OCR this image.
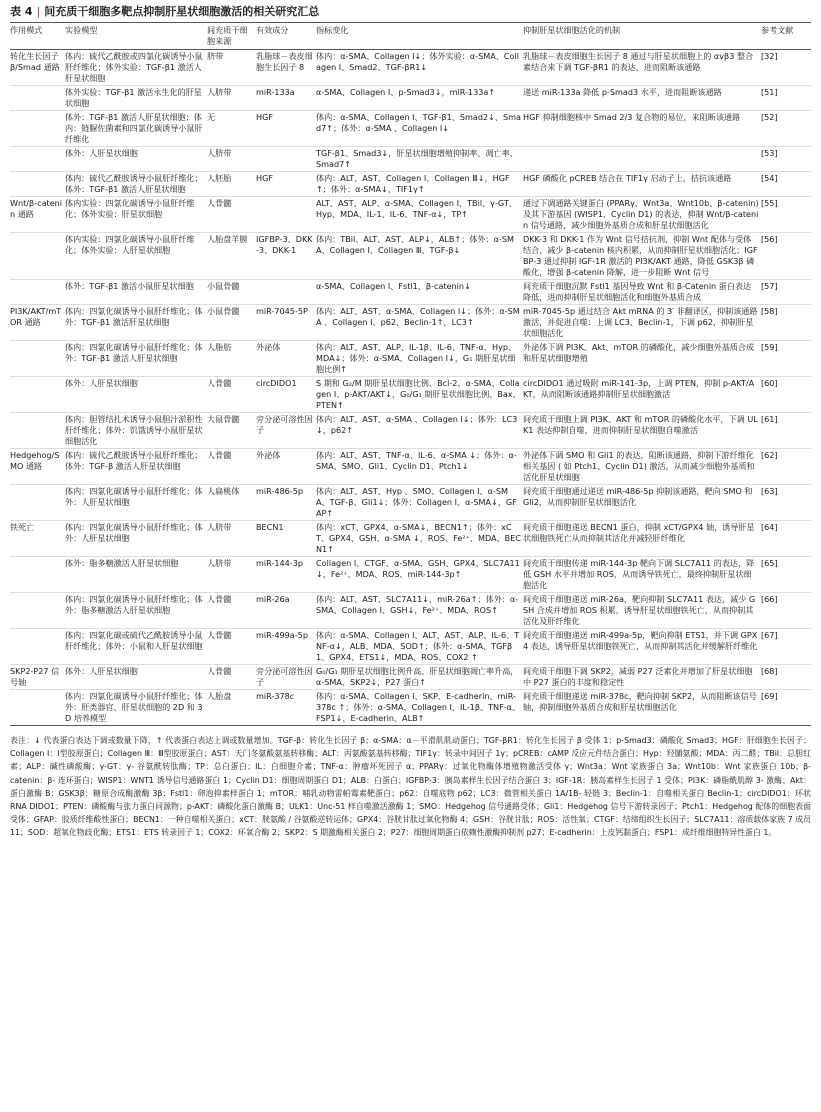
表 4 | 间充质干细胞多靶点抑制肝星状细胞激活的相关研究汇总
作用模式	实验模型	间充质干细胞来源	有效成分	指标变化	抑制肝星状细胞活化的机制	参考文献
转化生长因子β/Smad 通路	体内：硫代乙酰胺或四氯化碳诱导小鼠肝纤维化；体外实验：TGF-β1 激活人肝星状细胞	脐带	乳脂球－表皮细胞生长因子 8	体内：α-SMA、Collagen Ⅰ↓；体外实验：α-SMA、Collagen Ⅰ、Smad2、TGF-βR1↓	乳脂球－表皮细胞生长因子 8 通过与肝星状细胞上的 αvβ3 整合素结合来下调 TGF-βR1 的表达，进而阻断该通路	[32]
	体外实验：TGF-β1 激活永生化的肝星状细胞	人脐带	miR-133a	α-SMA、Collagen Ⅰ、p-Smad3↓，miR-133a↑	递送 miR-133a 降低 p-Smad3 水平，进而阻断该通路	[51]
	体外：TGF-β1 激活人肝星状细胞；体内：链脲佐菌素和四氯化碳诱导小鼠肝纤维化	无	HGF	体内：α-SMA、Collagen Ⅰ、TGF-β1、Smad2↓、Smad7↑；体外：α-SMA 、Collagen Ⅰ↓	HGF 抑制细胞核中 Smad 2/3 复合物的易位，来阻断该通路	[52]
	体外：人肝星状细胞	人脐带		TGF-β1、Smad3↓，肝星状细胞增殖抑制率、凋亡率、Smad7↑		[53]
	体内：硫代乙酰胺诱导小鼠肝纤维化；体外：TGF-β1 激活人肝星状细胞	人胚胎	HGF	体内：ALT、AST、Collagen Ⅰ、Collagen Ⅲ↓，HGF↑；体外：α-SMA↓，TIF1γ↑	HGF 磷酸化 pCREB 结合在 TIF1γ 启动子上，拮抗该通路	[54]
Wnt/β-catenin 通路	体内实验：四氯化碳诱导小鼠肝纤维化；体外实验：肝星状细胞	人骨髓		ALT、AST、ALP、α-SMA、Collagen Ⅰ、TBil、γ-GT、Hyp、MDA、IL-1、IL-6、TNF-α↓，TP↑	通过下调通路关键蛋白 (PPARγ、Wnt3a、Wnt10b、β-catenin) 及其下游基因 (WISP1、Cyclin D1) 的表达，抑制 Wnt/β-catenin 信号通路，减少细胞外基质合成和肝星状细胞活化	[55]
	体内实验：四氯化碳诱导小鼠肝纤维化；体外实验：人肝星状细胞	人胎盘羊膜	IGFBP-3、DKK-3、DKK-1	体内：TBil、ALT、AST、ALP↓，ALB↑；体外：α-SMA、Collagen Ⅰ、Collagen Ⅲ、TGF-β↓	DKK-3 和 DKK-1 作为 Wnt 信号拮抗剂，抑制 Wnt 配体与受体结合，减少 β-catenin 核内积累，从而抑制肝星状细胞活化；IGFBP-3 通过抑制 IGF-1R 激活的 PI3K/AKT 通路，降低 GSK3β 磷酸化，增强 β-catenin 降解，进一步阻断 Wnt 信号	[56]
	体外：TGF-β1 激活小鼠肝星状细胞	小鼠骨髓		α-SMA、Collagen Ⅰ、Fstl1、β-catenin↓	间充质干细胞沉默 Fstl1 基因导致 Wnt 和 β-Catenin 蛋白表达降低，进而抑制肝星状细胞活化和细胞外基质合成	[57]
PI3K/AKT/mTOR 通路	体内：四氯化碳诱导小鼠肝纤维化；体外：TGF-β1 激活肝星状细胞	小鼠骨髓	miR-7045-5P	体内：ALT、AST、α-SMA、Collagen Ⅰ↓；体外：α-SMA 、Collagen Ⅰ、p62、Beclin-1↑，LC3↑	miR-7045-5p 通过结合 Akt mRNA 的 3′ 非翻译区，抑制该通路激活，并促进自噬：上调 LC3、Beclin-1，下调 p62，抑制肝星状细胞活化	[58]
	体内：四氯化碳诱导小鼠肝纤维化；体外：TGF-β1 激活人肝星状细胞	人脂肪	外泌体	体内：ALT、AST、ALP、IL-1β、IL-6、TNF-α、Hyp、MDA↓；体外：α-SMA、Collagen Ⅰ↓，G₁ 期肝星状细胞比例↑	外泌体下调 PI3K、Akt、mTOR 的磷酸化，减少细胞外基质合成和肝星状细胞增殖	[59]
	体外：人肝星状细胞	人骨髓	circDIDO1	S 期和 G₂/M 期肝星状细胞比例、Bcl-2、α-SMA、Collagen Ⅰ、p-AKT/AKT↓，G₀/G₁ 期肝星状细胞比例、Bax、PTEN↑	circDIDO1 通过吸附 miR-141-3p，上调 PTEN，抑制 p-AKT/AKT，从而阻断该通路抑制肝星状细胞激活	[60]
	体内：胆管结扎术诱导小鼠胆汁淤积性肝纤维化；体外：饥饿诱导小鼠肝星状细胞活化	大鼠骨髓	旁分泌可溶性因子	体内：ALT、AST、α-SMA 、Collagen Ⅰ↓；体外：LC3↓，p62↑	间充质干细胞上调 PI3K、AKT 和 mTOR 的磷酸化水平，下调 ULK1 表达抑制自噬，进而抑制肝星状细胞自噬激活	[61]
Hedgehog/SMO 通路	体内：硫代乙酰胺诱导小鼠肝纤维化；体外：TGF-β 激活人肝星状细胞	人骨髓	外泌体	体内：ALT、AST、TNF-α、IL-6、α-SMA ↓；体外：α-SMA、SMO、Gli1、Cyclin D1、Ptch1↓	外泌体下调 SMO 和 Gli1 的表达，阻断该通路，抑制下游纤维化相关基因 ( 如 Ptch1、Cyclin D1) 激活，从而减少细胞外基质和活化肝星状细胞	[62]
	体内：四氯化碳诱导小鼠肝纤维化；体外：人肝星状细胞	人扁桃体	miR-486-5p	体内：ALT、AST、Hyp 、SMO、Collagen Ⅰ、α-SMA、TGF-β、Gli1↓；体外：Collagen Ⅰ、α-SMA↓，GFAP↑	间充质干细胞通过递送 miR-486-5p 抑制该通路，靶向 SMO 和 Gli2，从而抑制肝星状细胞活化	[63]
铁死亡	体内：四氯化碳诱导小鼠肝纤维化；体外：人肝星状细胞	人脐带	BECN1	体内：xCT、GPX4、α-SMA↓，BECN1↑；体外：xCT、GPX4、GSH、α-SMA ↓，ROS、Fe²⁺、MDA、BECN1↑	间充质干细胞递送 BECN1 蛋白，抑制 xCT/GPX4 轴，诱导肝星状细胞铁死亡从而抑制其活化并减轻肝纤维化	[64]
	体外：脂多糖激活人肝星状细胞	人脐带	miR-144-3p	Collagen Ⅰ、CTGF、α-SMA、GSH、GPX4、SLC7A11↓，Fe²⁺、MDA、ROS、miR-144-3p↑	间充质干细胞传递 miR-144-3p 靶向下调 SLC7A11 的表达，降低 GSH 水平并增加 ROS，从而诱导铁死亡，最终抑制肝星状细胞活化	[65]
	体内：四氯化碳诱导小鼠肝纤维化；体外：脂多糖激活人肝星状细胞	人骨髓	miR-26a	体内：ALT、AST、SLC7A11↓，miR-26a↑；体外：α-SMA、Collagen Ⅰ、GSH↓，Fe²⁺、MDA、ROS↑	间充质干细胞递送 miR-26a，靶向抑制 SLC7A11 表达，减少 GSH 合成并增加 ROS 积累，诱导肝星状细胞铁死亡，从而抑制其活化及肝纤维化	[66]
	体内：四氯化碳或硫代乙酰胺诱导小鼠肝纤维化；体外：小鼠和人肝星状细胞	人骨髓	miR-499a-5p	体内：α-SMA、Collagen Ⅰ、ALT、AST、ALP、IL-6、TNF-α↓，ALB、MDA、SOD↑；体外：α-SMA、TGFβ1、GPX4、ETS1↓，MDA、ROS、COX2 ↑	间充质干细胞递送 miR-499a-5p，靶向抑制 ETS1，并下调 GPX4 表达，诱导肝星状细胞铁死亡，从而抑制其活化并缓解肝纤维化	[67]
SKP2-P27 信号轴	体外：人肝星状细胞	人骨髓	旁分泌可溶性因子	G₀/G₁ 期肝星状细胞比例升高、肝星状细胞凋亡率升高，α-SMA、SKP2↓，P27 蛋白↑	间充质干细胞下调 SKP2，减弱 P27 泛素化并增加了肝星状细胞中 P27 蛋白的丰度和稳定性	[68]
	体内：四氯化碳诱导小鼠肝纤维化；体外：肝类器官、肝星状细胞的 2D 和 3D 培养模型	人胎盘	miR-378c	体内：α-SMA、Collagen Ⅰ、SKP、E-cadherin、miR-378c ↑；体外：α-SMA、Collagen Ⅰ、IL-1β、TNF-α、FSP1↓，E-cadherin、ALB↑	间充质干细胞递送 miR-378c，靶向抑制 SKP2，从而阻断该信号轴，抑制细胞外基质合成和肝星状细胞活化	[69]
表注：↓ 代表蛋白表达下调或数量下降，↑ 代表蛋白表达上调或数量增加。TGF-β：转化生长因子 β；α-SMA：α－平滑肌肌动蛋白；TGF-βR1：转化生长因子 β 受体 1；p-Smad3：磷酸化 Smad3；HGF：肝细胞生长因子；Collagen Ⅰ：Ⅰ型胶原蛋白；Collagen Ⅲ：Ⅲ型胶原蛋白；AST：天门冬氨酸氨基转移酶；ALT：丙氨酸氨基转移酶；TIF1γ：转录中间因子 1γ；pCREB：cAMP 反应元件结合蛋白；Hyp：羟脯氨酸；MDA：丙二醛；TBil：总胆红素；ALP：碱性磷酸酶；γ-GT：γ- 谷氨酰转肽酶；TP：总白蛋白；IL：白细胞介素；TNF-α：肿瘤坏死因子 α；PPARγ：过氧化物酶体增殖物激活受体 γ；Wnt3a：Wnt 家族蛋白 3a；Wnt10b：Wnt 家族蛋白 10b；β-catenin：β- 连环蛋白；WISP1：WNT1 诱导信号通路蛋白 1；Cyclin D1：细胞周期蛋白 D1；ALB：白蛋白；IGFBP-3：胰岛素样生长因子结合蛋白 3；IGF-1R：胰岛素样生长因子 1 受体；PI3K：磷脂酰肌醇 3- 激酶；Akt：蛋白激酶 B；GSK3β：糖原合成酶激酶 3β；Fstl1：卵泡抑素样蛋白 1；mTOR：哺乳动物雷帕霉素靶蛋白；p62：自噬底物 p62；LC3：微管相关蛋白 1A/1B- 轻链 3；Beclin-1：自噬相关蛋白 Beclin-1；circDIDO1：环状 RNA DIDO1；PTEN：磷酸酶与张力蛋白同源物；p-AKT：磷酸化蛋白激酶 B；ULK1：Unc-51 样自噬激活激酶 1；SMO：Hedgehog 信号通路受体；Gli1：Hedgehog 信号下游转录因子；Ptch1：Hedgehog 配体的细胞表面受体；GFAP：胶质纤维酸性蛋白；BECN1：一种自噬相关蛋白；xCT：胱氨酸 / 谷氨酸逆转运体；GPX4：谷胱甘肽过氧化物酶 4；GSH：谷胱甘肽；ROS：活性氧；CTGF：结缔组织生长因子；SLC7A11：溶质载体家族 7 成员 11；SOD：超氧化物歧化酶；ETS1：ETS 转录因子 1；COX2：环氧合酶 2；SKP2：S 期激酶相关蛋白 2；P27：细胞周期蛋白依赖性激酶抑制剂 p27；E-cadherin：上皮钙黏蛋白；FSP1：成纤维细胞特异性蛋白 1。
